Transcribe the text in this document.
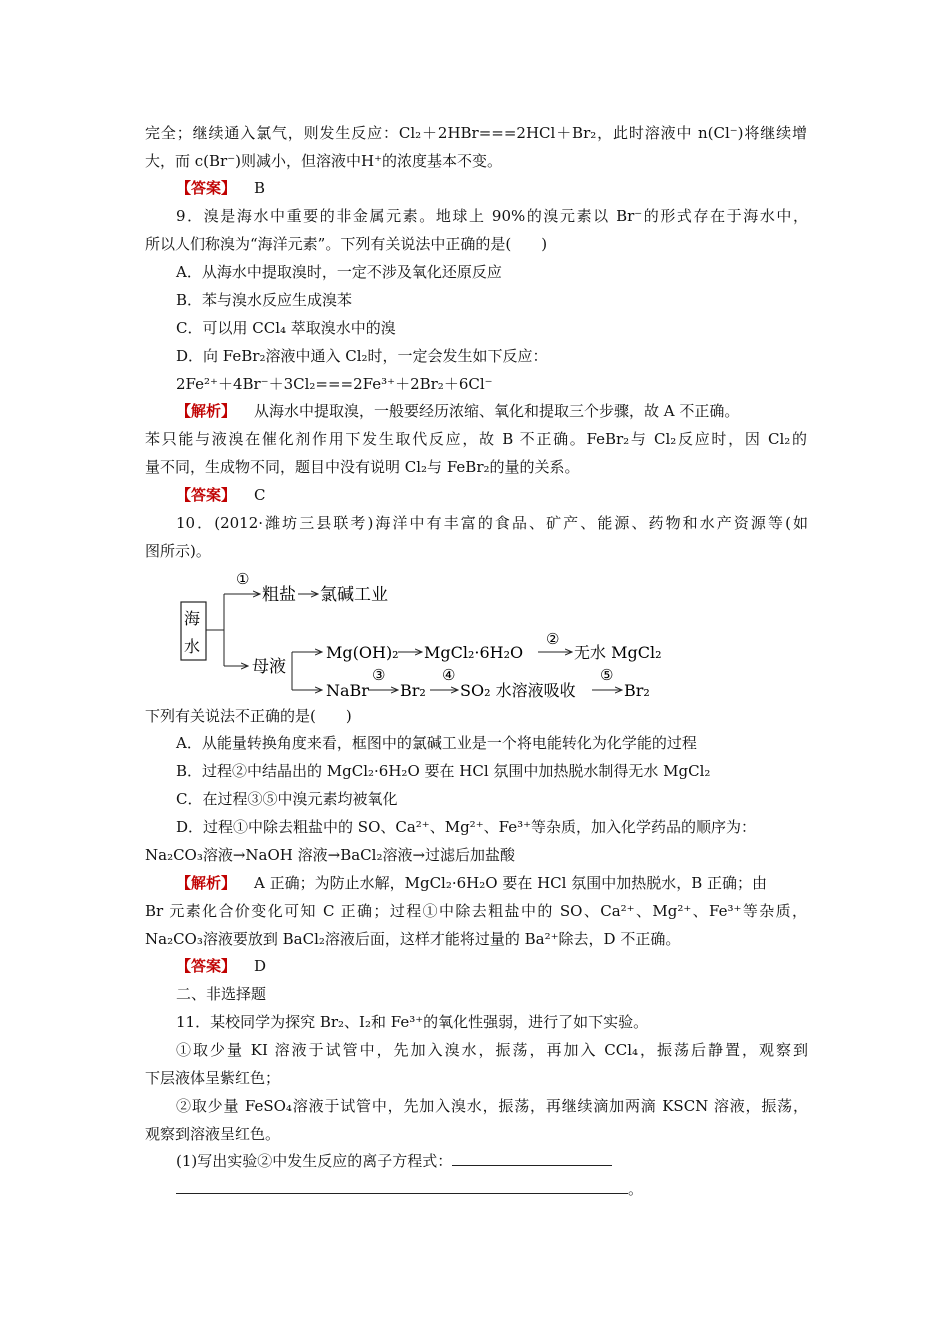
完全；继续通入氯气，则发生反应：Cl₂＋2HBr===2HCl＋Br₂，此时溶液中 n(Cl⁻)将继续增
大，而 c(Br⁻)则减小，但溶液中H⁺的浓度基本不变。
【答案】 B
9．溴是海水中重要的非金属元素。地球上 90%的溴元素以 Br⁻的形式存在于海水中，
所以人们称溴为“海洋元素”。下列有关说法中正确的是(　　)
A．从海水中提取溴时，一定不涉及氧化还原反应
B．苯与溴水反应生成溴苯
C．可以用 CCl₄ 萃取溴水中的溴
D．向 FeBr₂溶液中通入 Cl₂时，一定会发生如下反应：
2Fe²⁺＋4Br⁻＋3Cl₂===2Fe³⁺＋2Br₂＋6Cl⁻
【解析】 从海水中提取溴，一般要经历浓缩、氧化和提取三个步骤，故 A 不正确。
苯只能与液溴在催化剂作用下发生取代反应，故 B 不正确。FeBr₂与 Cl₂反应时，因 Cl₂的
量不同，生成物不同，题目中没有说明 Cl₂与 FeBr₂的量的关系。
【答案】 C
10．(2012·潍坊三县联考)海洋中有丰富的食品、矿产、能源、药物和水产资源等(如
图所示)。
海
水
①
粗盐 氯碱工业
母液
Mg(OH)₂ MgCl₂·6H₂O
②
无水 MgCl₂
NaBr
③
Br₂
④
SO₂ 水溶液吸收
⑤
Br₂
下列有关说法不正确的是(　　)
A．从能量转换角度来看，框图中的氯碱工业是一个将电能转化为化学能的过程
B．过程②中结晶出的 MgCl₂·6H₂O 要在 HCl 氛围中加热脱水制得无水 MgCl₂
C．在过程③⑤中溴元素均被氧化
D．过程①中除去粗盐中的 SO、Ca²⁺、Mg²⁺、Fe³⁺等杂质，加入化学药品的顺序为：
Na₂CO₃溶液→NaOH 溶液→BaCl₂溶液→过滤后加盐酸
【解析】 A 正确；为防止水解，MgCl₂·6H₂O 要在 HCl 氛围中加热脱水，B 正确；由
Br 元素化合价变化可知 C 正确；过程①中除去粗盐中的 SO、Ca²⁺、Mg²⁺、Fe³⁺等杂质，
Na₂CO₃溶液要放到 BaCl₂溶液后面，这样才能将过量的 Ba²⁺除去，D 不正确。
【答案】 D
二、非选择题
11．某校同学为探究 Br₂、I₂和 Fe³⁺的氧化性强弱，进行了如下实验。
①取少量 KI 溶液于试管中，先加入溴水，振荡，再加入 CCl₄，振荡后静置，观察到
下层液体呈紫红色；
②取少量 FeSO₄溶液于试管中，先加入溴水，振荡，再继续滴加两滴 KSCN 溶液，振荡，
观察到溶液呈红色。
(1)写出实验②中发生反应的离子方程式：
。
